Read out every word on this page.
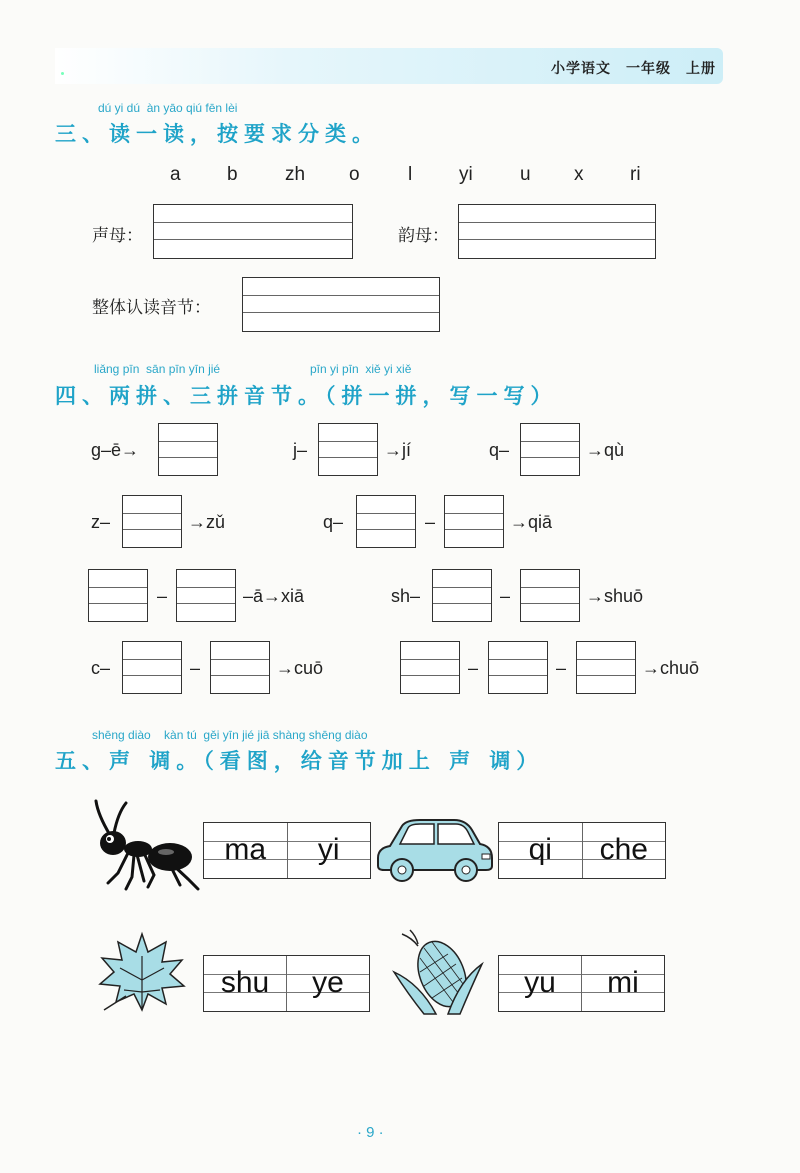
小学语文　一年级　上册
dú yi dú  àn yāo qiú fēn lèi
三、读一读，按要求分类。
a b zh o	l yi u x ri
声母：	韵母：
整体认读音节：
liǎng pīn  sān pīn yīn jié	pīn yi pīn  xiě yi xiě
四、两拼、三拼音节。（拼一拼，写一写）
g–ē→	j–	→jí	q–	→qù
z–	→zǔ	q–	–	→qiā
–	–ā→xiā	sh–	–	→shuō
c–	–	→cuō	–	–	→chuō
shēng diào    kàn tú  gěi yīn jié jiā shàng shēng diào
五、声 调。（看图，给音节加上 声 调）
ma yi	qi che
shu ye	yu mi
· 9 ·
